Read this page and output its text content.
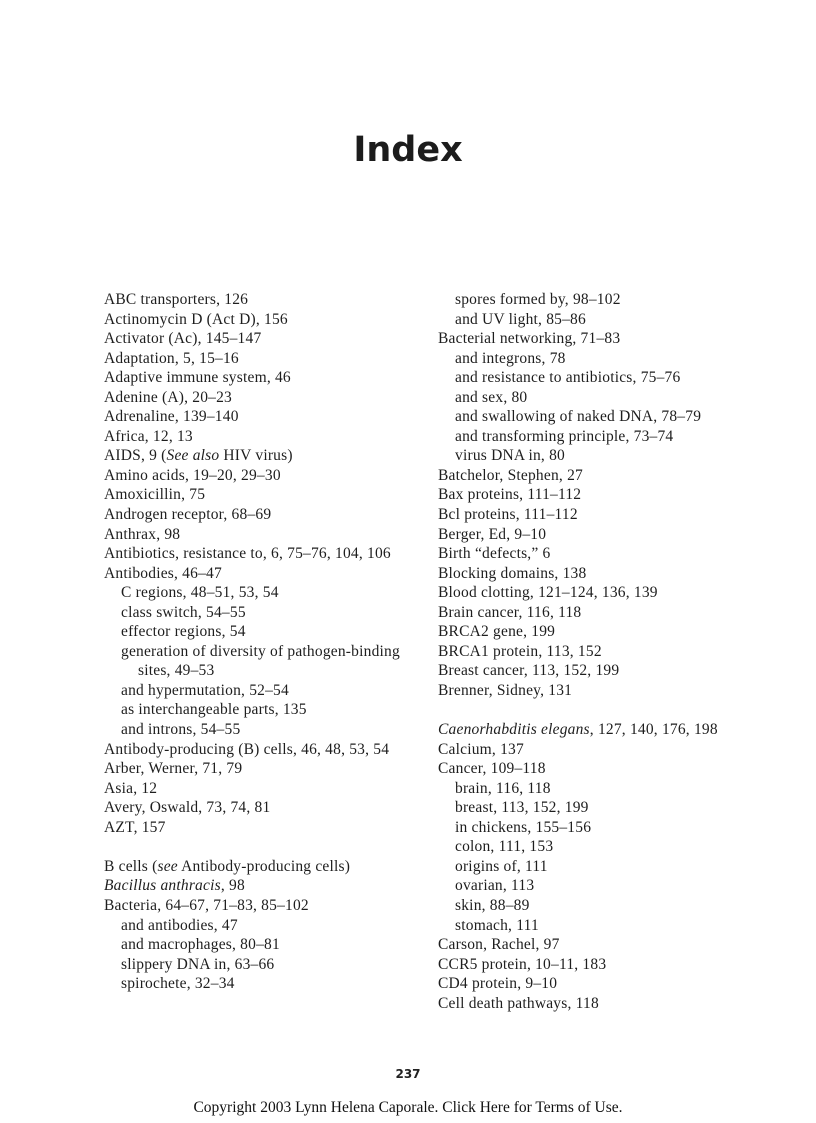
Index
ABC transporters, 126
Actinomycin D (Act D), 156
Activator (Ac), 145–147
Adaptation, 5, 15–16
Adaptive immune system, 46
Adenine (A), 20–23
Adrenaline, 139–140
Africa, 12, 13
AIDS, 9 (See also HIV virus)
Amino acids, 19–20, 29–30
Amoxicillin, 75
Androgen receptor, 68–69
Anthrax, 98
Antibiotics, resistance to, 6, 75–76, 104, 106
Antibodies, 46–47
C regions, 48–51, 53, 54
class switch, 54–55
effector regions, 54
generation of diversity of pathogen-binding sites, 49–53
and hypermutation, 52–54
as interchangeable parts, 135
and introns, 54–55
Antibody-producing (B) cells, 46, 48, 53, 54
Arber, Werner, 71, 79
Asia, 12
Avery, Oswald, 73, 74, 81
AZT, 157
B cells (see Antibody-producing cells)
Bacillus anthracis, 98
Bacteria, 64–67, 71–83, 85–102
and antibodies, 47
and macrophages, 80–81
slippery DNA in, 63–66
spirochete, 32–34
spores formed by, 98–102
and UV light, 85–86
Bacterial networking, 71–83
and integrons, 78
and resistance to antibiotics, 75–76
and sex, 80
and swallowing of naked DNA, 78–79
and transforming principle, 73–74
virus DNA in, 80
Batchelor, Stephen, 27
Bax proteins, 111–112
Bcl proteins, 111–112
Berger, Ed, 9–10
Birth “defects,” 6
Blocking domains, 138
Blood clotting, 121–124, 136, 139
Brain cancer, 116, 118
BRCA2 gene, 199
BRCA1 protein, 113, 152
Breast cancer, 113, 152, 199
Brenner, Sidney, 131
Caenorhabditis elegans, 127, 140, 176, 198
Calcium, 137
Cancer, 109–118
brain, 116, 118
breast, 113, 152, 199
in chickens, 155–156
colon, 111, 153
origins of, 111
ovarian, 113
skin, 88–89
stomach, 111
Carson, Rachel, 97
CCR5 protein, 10–11, 183
CD4 protein, 9–10
Cell death pathways, 118
237
Copyright 2003 Lynn Helena Caporale. Click Here for Terms of Use.
